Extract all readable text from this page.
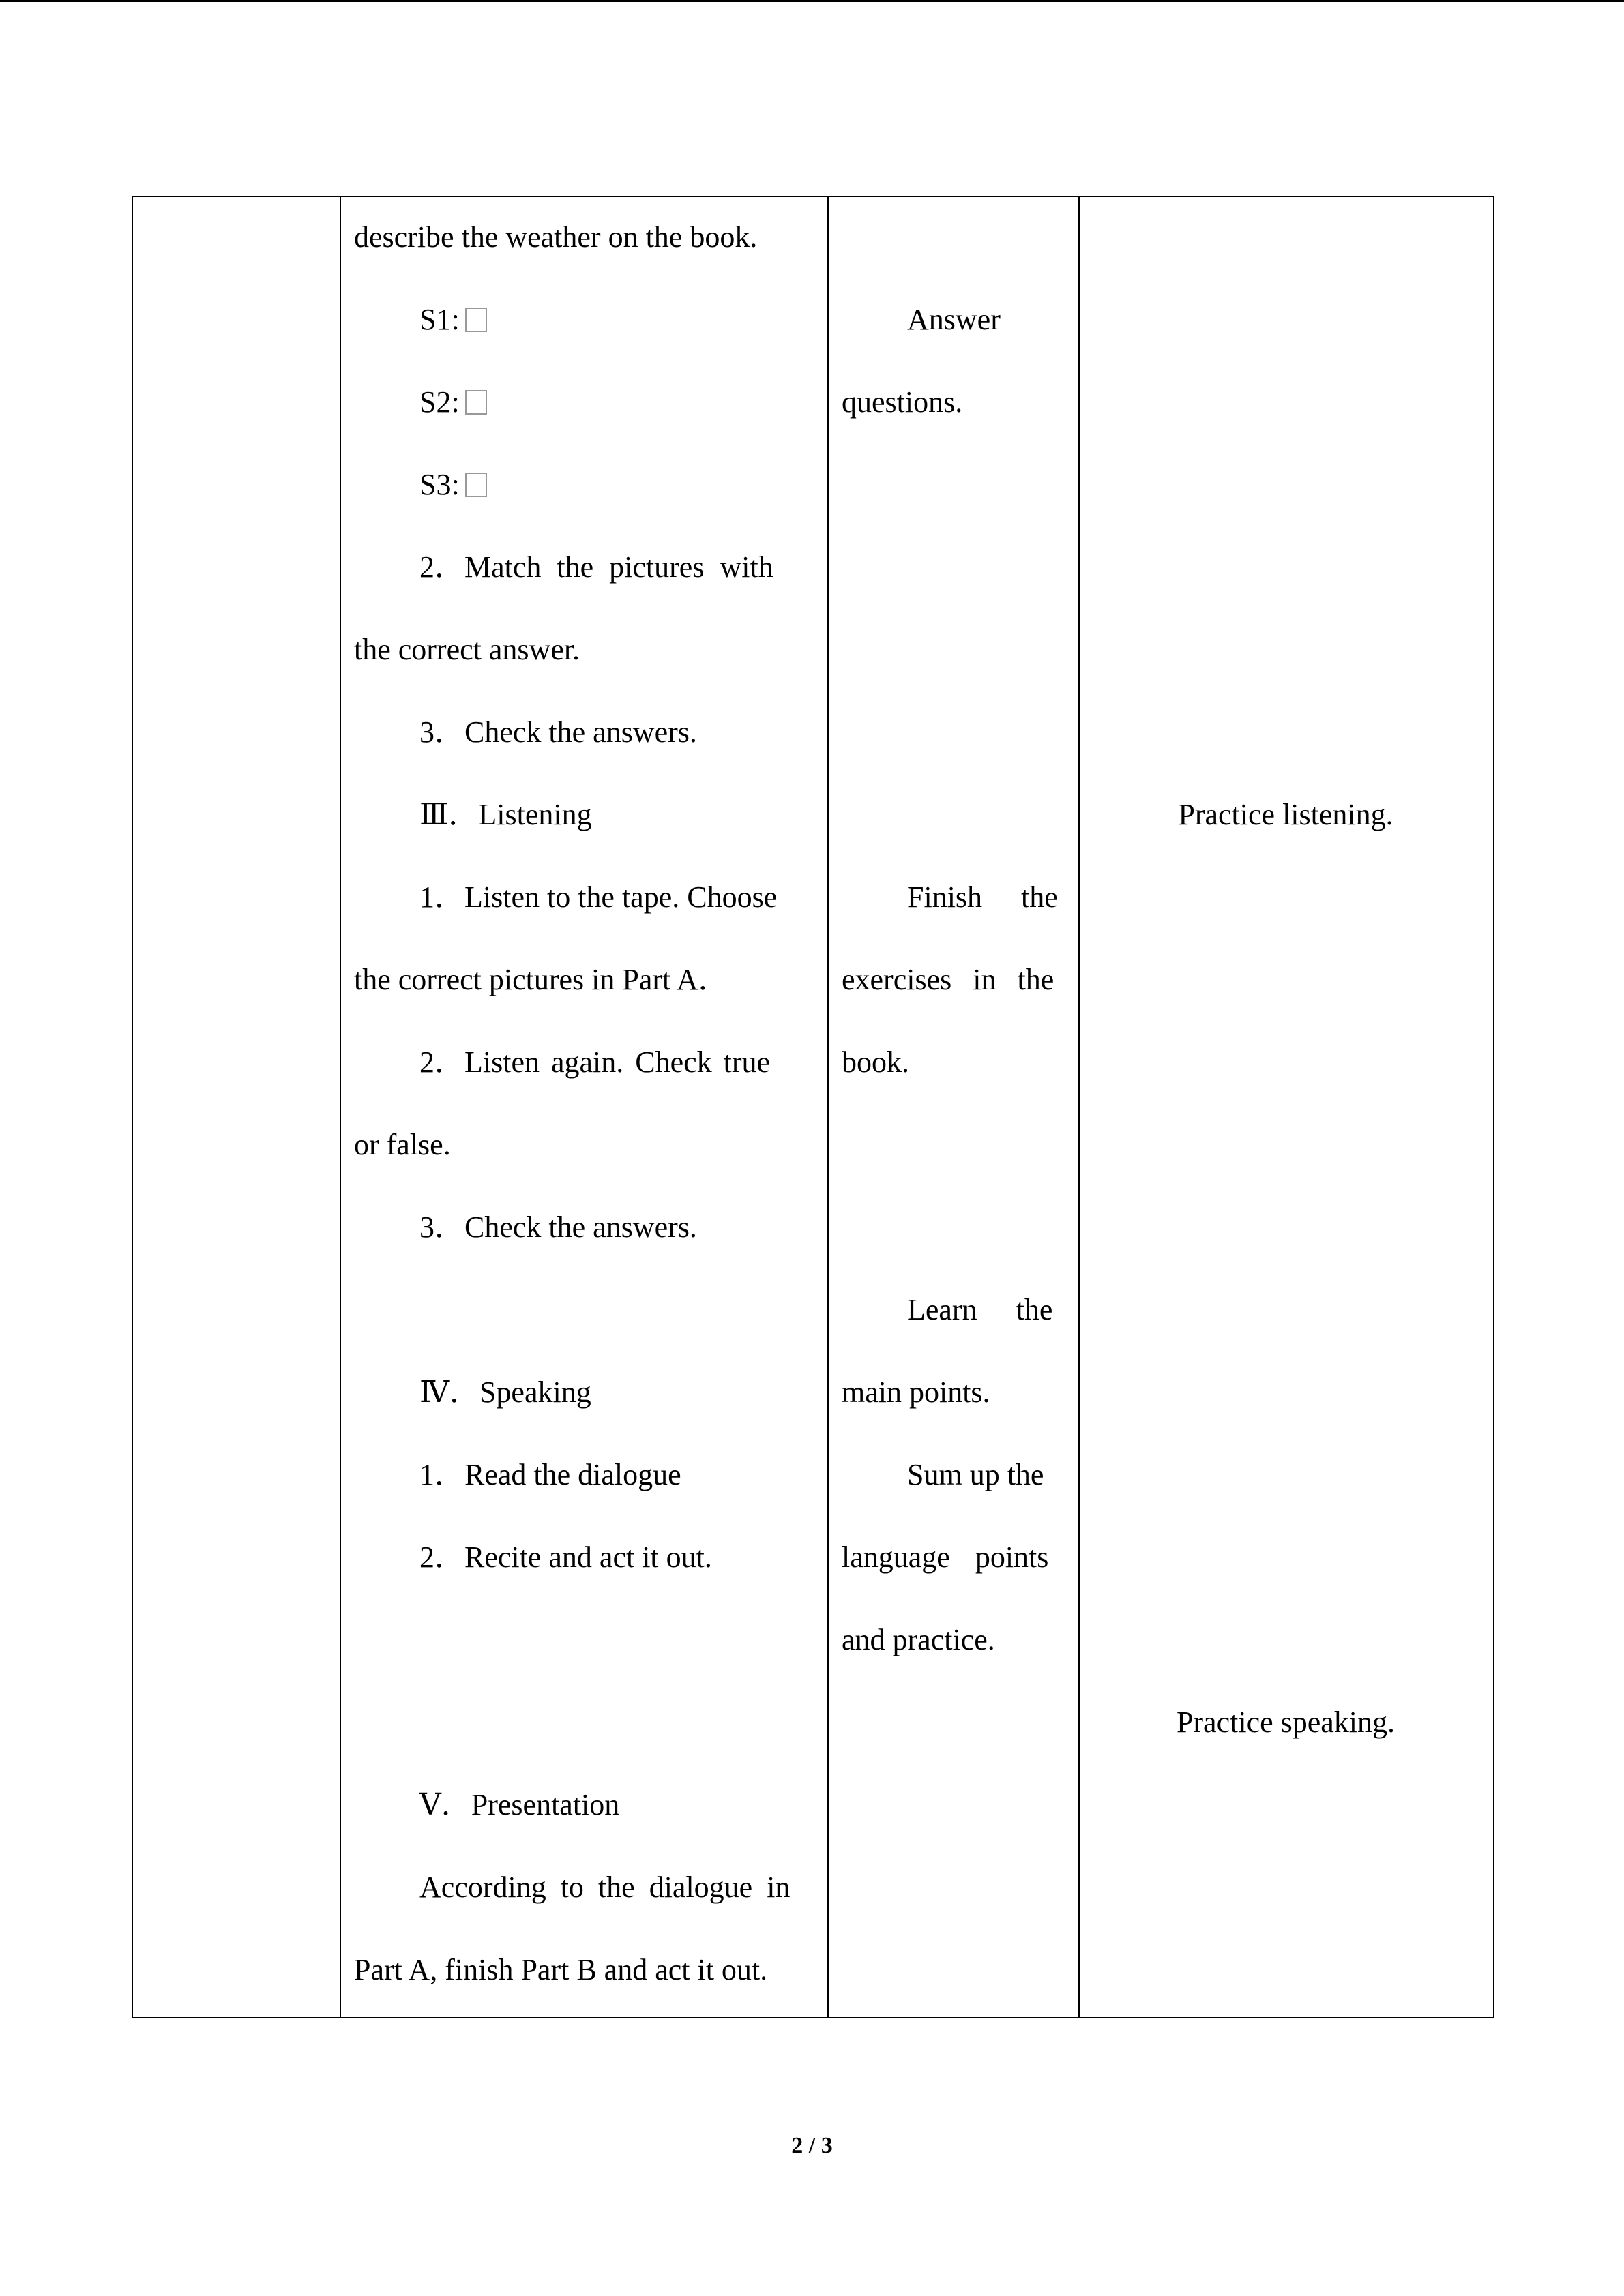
describe the weather on the book.
S1:
S2:
S3:
2．Match the pictures with
the correct answer.
3．Check the answers.
Ⅲ．Listening
1．Listen to the tape. Choose
the correct pictures in Part A．
2．Listen again. Check true
or false.
3．Check the answers.
Ⅳ．Speaking
1．Read the dialogue
2．Recite and act it out.
Ⅴ．Presentation
According to the dialogue in
Part A, finish Part B and act it out.
Answer
questions.
Finish the
exercises in the
book.
Learn the
main points.
Sum up the
language points
and practice.
Practice listening.
Practice speaking.
2 / 3
